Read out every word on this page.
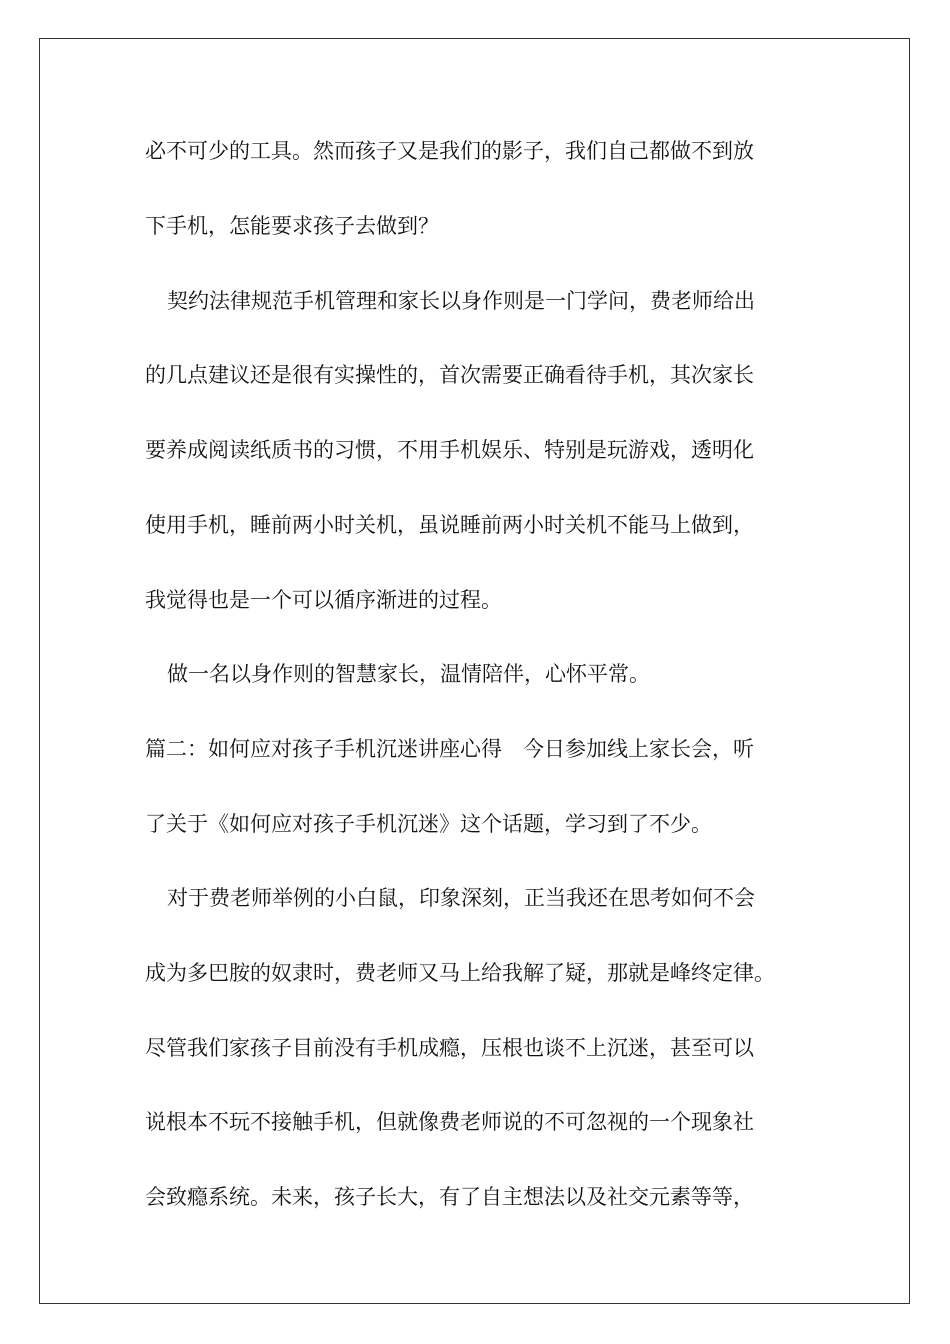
必不可少的工具。然而孩子又是我们的影子，我们自己都做不到放
下手机，怎能要求孩子去做到？
契约法律规范手机管理和家长以身作则是一门学问，费老师给出
的几点建议还是很有实操性的，首次需要正确看待手机，其次家长
要养成阅读纸质书的习惯，不用手机娱乐、特别是玩游戏，透明化
使用手机，睡前两小时关机，虽说睡前两小时关机不能马上做到，
我觉得也是一个可以循序渐进的过程。
做一名以身作则的智慧家长，温情陪伴，心怀平常。
篇二：如何应对孩子手机沉迷讲座心得　今日参加线上家长会，听
了关于《如何应对孩子手机沉迷》这个话题，学习到了不少。
对于费老师举例的小白鼠，印象深刻，正当我还在思考如何不会
成为多巴胺的奴隶时，费老师又马上给我解了疑，那就是峰终定律。
尽管我们家孩子目前没有手机成瘾，压根也谈不上沉迷，甚至可以
说根本不玩不接触手机，但就像费老师说的不可忽视的一个现象社
会致瘾系统。未来，孩子长大，有了自主想法以及社交元素等等，
